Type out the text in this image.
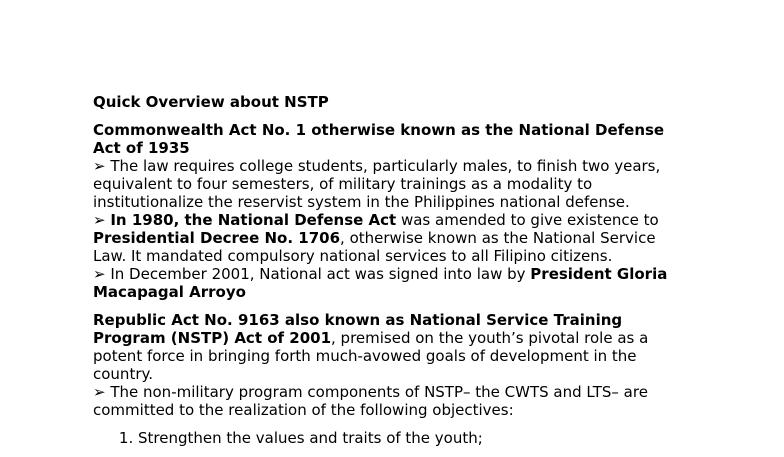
Quick Overview about NSTP
Commonwealth Act No. 1 otherwise known as the National Defense Act of 1935

➢ The law requires college students, particularly males, to finish two years, equivalent to four semesters, of military trainings as a modality to institutionalize the reservist system in the Philippines national defense.

➢ In 1980, the National Defense Act was amended to give existence to Presidential Decree No. 1706, otherwise known as the National Service Law. It mandated compulsory national services to all Filipino citizens.

➢ In December 2001, National act was signed into law by President Gloria Macapagal Arroyo

Republic Act No. 9163 also known as National Service Training Program (NSTP) Act of 2001, premised on the youth’s pivotal role as a potent force in bringing forth much-avowed goals of development in the country.

➢ The non-military program components of NSTP– the CWTS and LTS– are committed to the realization of the following objectives:

1. Strengthen the values and traits of the youth;
